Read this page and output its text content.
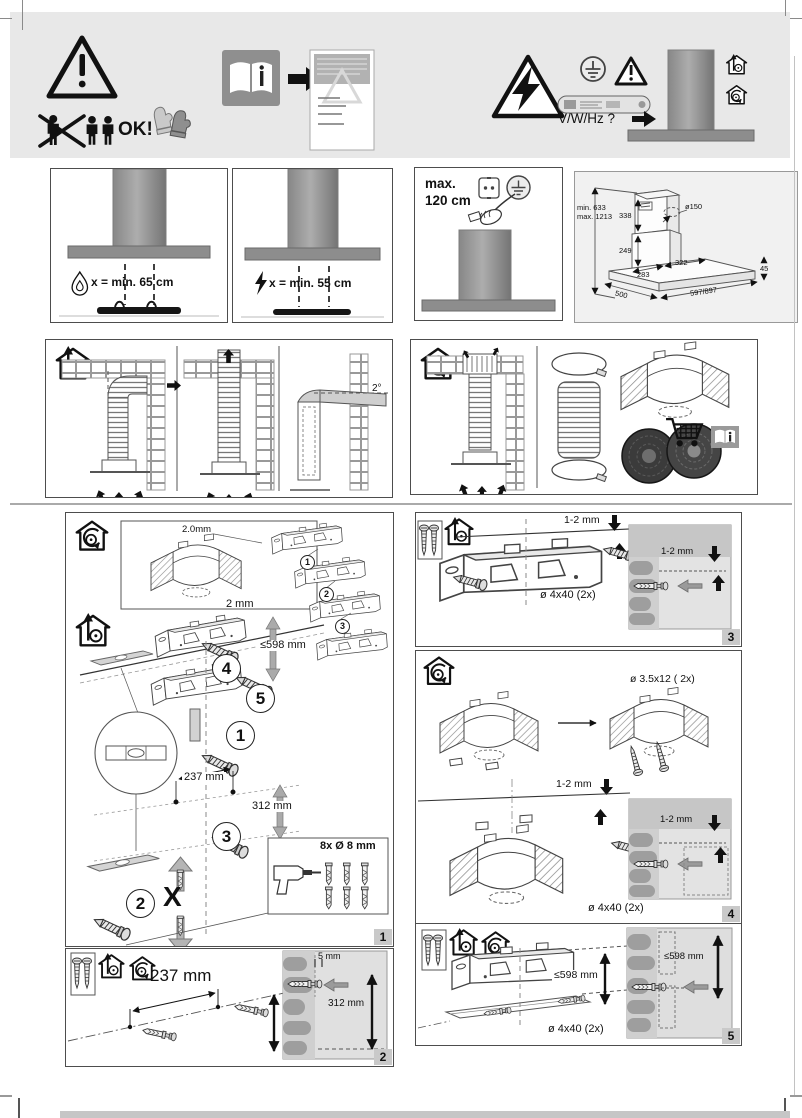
OK!
V/W/Hz ?
x = min. 65 cm	x = min. 55 cm
max.
120 cm	min. 633
max. 1213 338
249
ø150
283
322
45
500	597/897
2°
2.0mm
1
2
3
2 mm
≤598 mm
4
5
1
237 mm
312 mm
3
2 X
8x Ø 8 mm
1
237 mm
5 mm
312 mm
2
1-2 mm
1-2 mm
ø 4x40 (2x)
3
ø 3.5x12 ( 2x)
1-2 mm
1-2 mm
ø 4x40 (2x)	4
≤598 mm
≤598 mm
ø 4x40 (2x)	5
